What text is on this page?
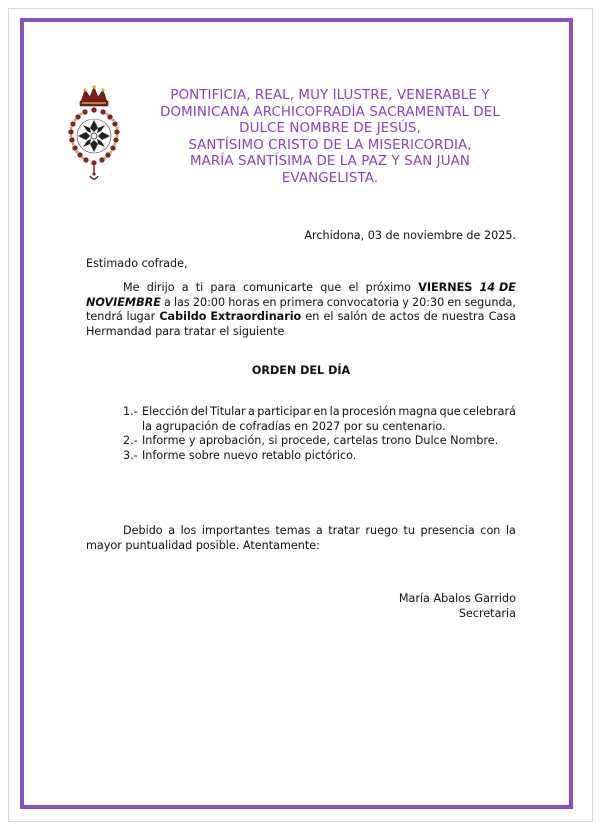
PONTIFICIA, REAL, MUY ILUSTRE, VENERABLE Y
DOMINICANA ARCHICOFRADÍA SACRAMENTAL DEL
DULCE NOMBRE DE JESÚS,
SANTÍSIMO CRISTO DE LA MISERICORDIA,
MARÍA SANTÍSIMA DE LA PAZ Y SAN JUAN
EVANGELISTA.
Archidona, 03 de noviembre de 2025.
Estimado cofrade,
Me dirijo a ti para comunicarte que el próximo VIERNES 14 DE
NOVIEMBRE a las 20:00 horas en primera convocatoria y 20:30 en segunda,
tendrá lugar Cabildo Extraordinario en el salón de actos de nuestra Casa
Hermandad para tratar el siguiente
ORDEN DEL DÍA
1.- Elección del Titular a participar en la procesión magna que celebrará
la agrupación de cofradías en 2027 por su centenario.
2.- Informe y aprobación, si procede, cartelas trono Dulce Nombre.
3.- Informe sobre nuevo retablo pictórico.
Debido a los importantes temas a tratar ruego tu presencia con la
mayor puntualidad posible. Atentamente:
María Abalos Garrido
Secretaria
